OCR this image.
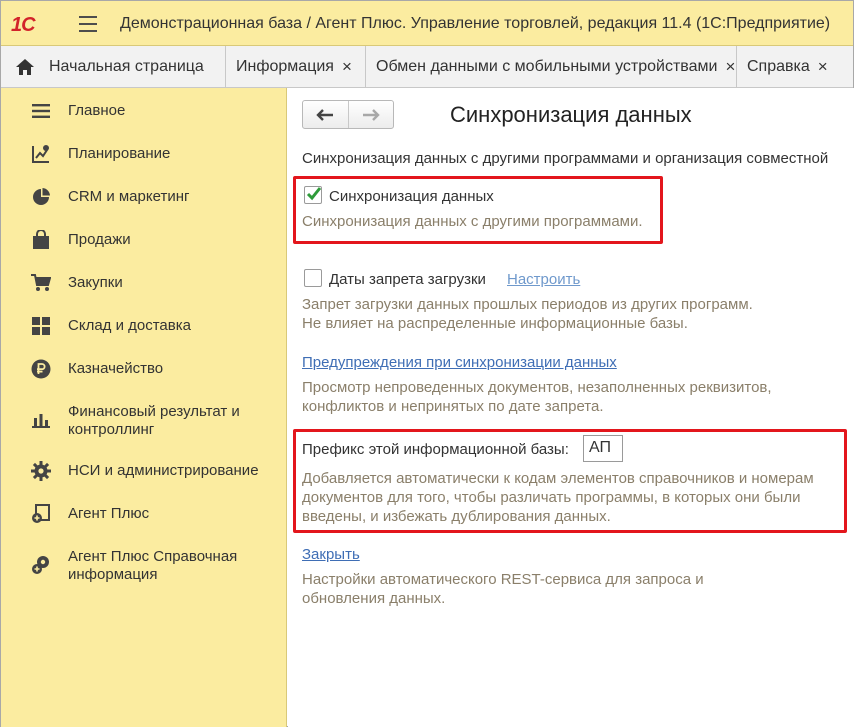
1С	Демонстрационная база / Агент Плюс. Управление торговлей, редакция 11.4 (1С:Предприятие)
Начальная страница Информация × Обмен данными с мобильными устройствами × Справка ×
Главное
Планирование
CRM и маркетинг
Продажи
Закупки
Склад и доставка
Казначейство
Финансовый результат и контроллинг
НСИ и администрирование
Агент Плюс
Агент Плюс Справочная информация
Синхронизация данных
Синхронизация данных с другими программами и организация совместной
Синхронизация данных
Синхронизация данных с другими программами.
Даты запрета загрузки Настроить
Запрет загрузки данных прошлых периодов из других программ.
Не влияет на распределенные информационные базы.
Предупреждения при синхронизации данных
Просмотр непроведенных документов, незаполненных реквизитов,
конфликтов и непринятых по дате запрета.
Префикс этой информационной базы:	АП
Добавляется автоматически к кодам элементов справочников и номерам
документов для того, чтобы различать программы, в которых они были
введены, и избежать дублирования данных.
Закрыть
Настройки автоматического REST-сервиса для запроса и
обновления данных.
